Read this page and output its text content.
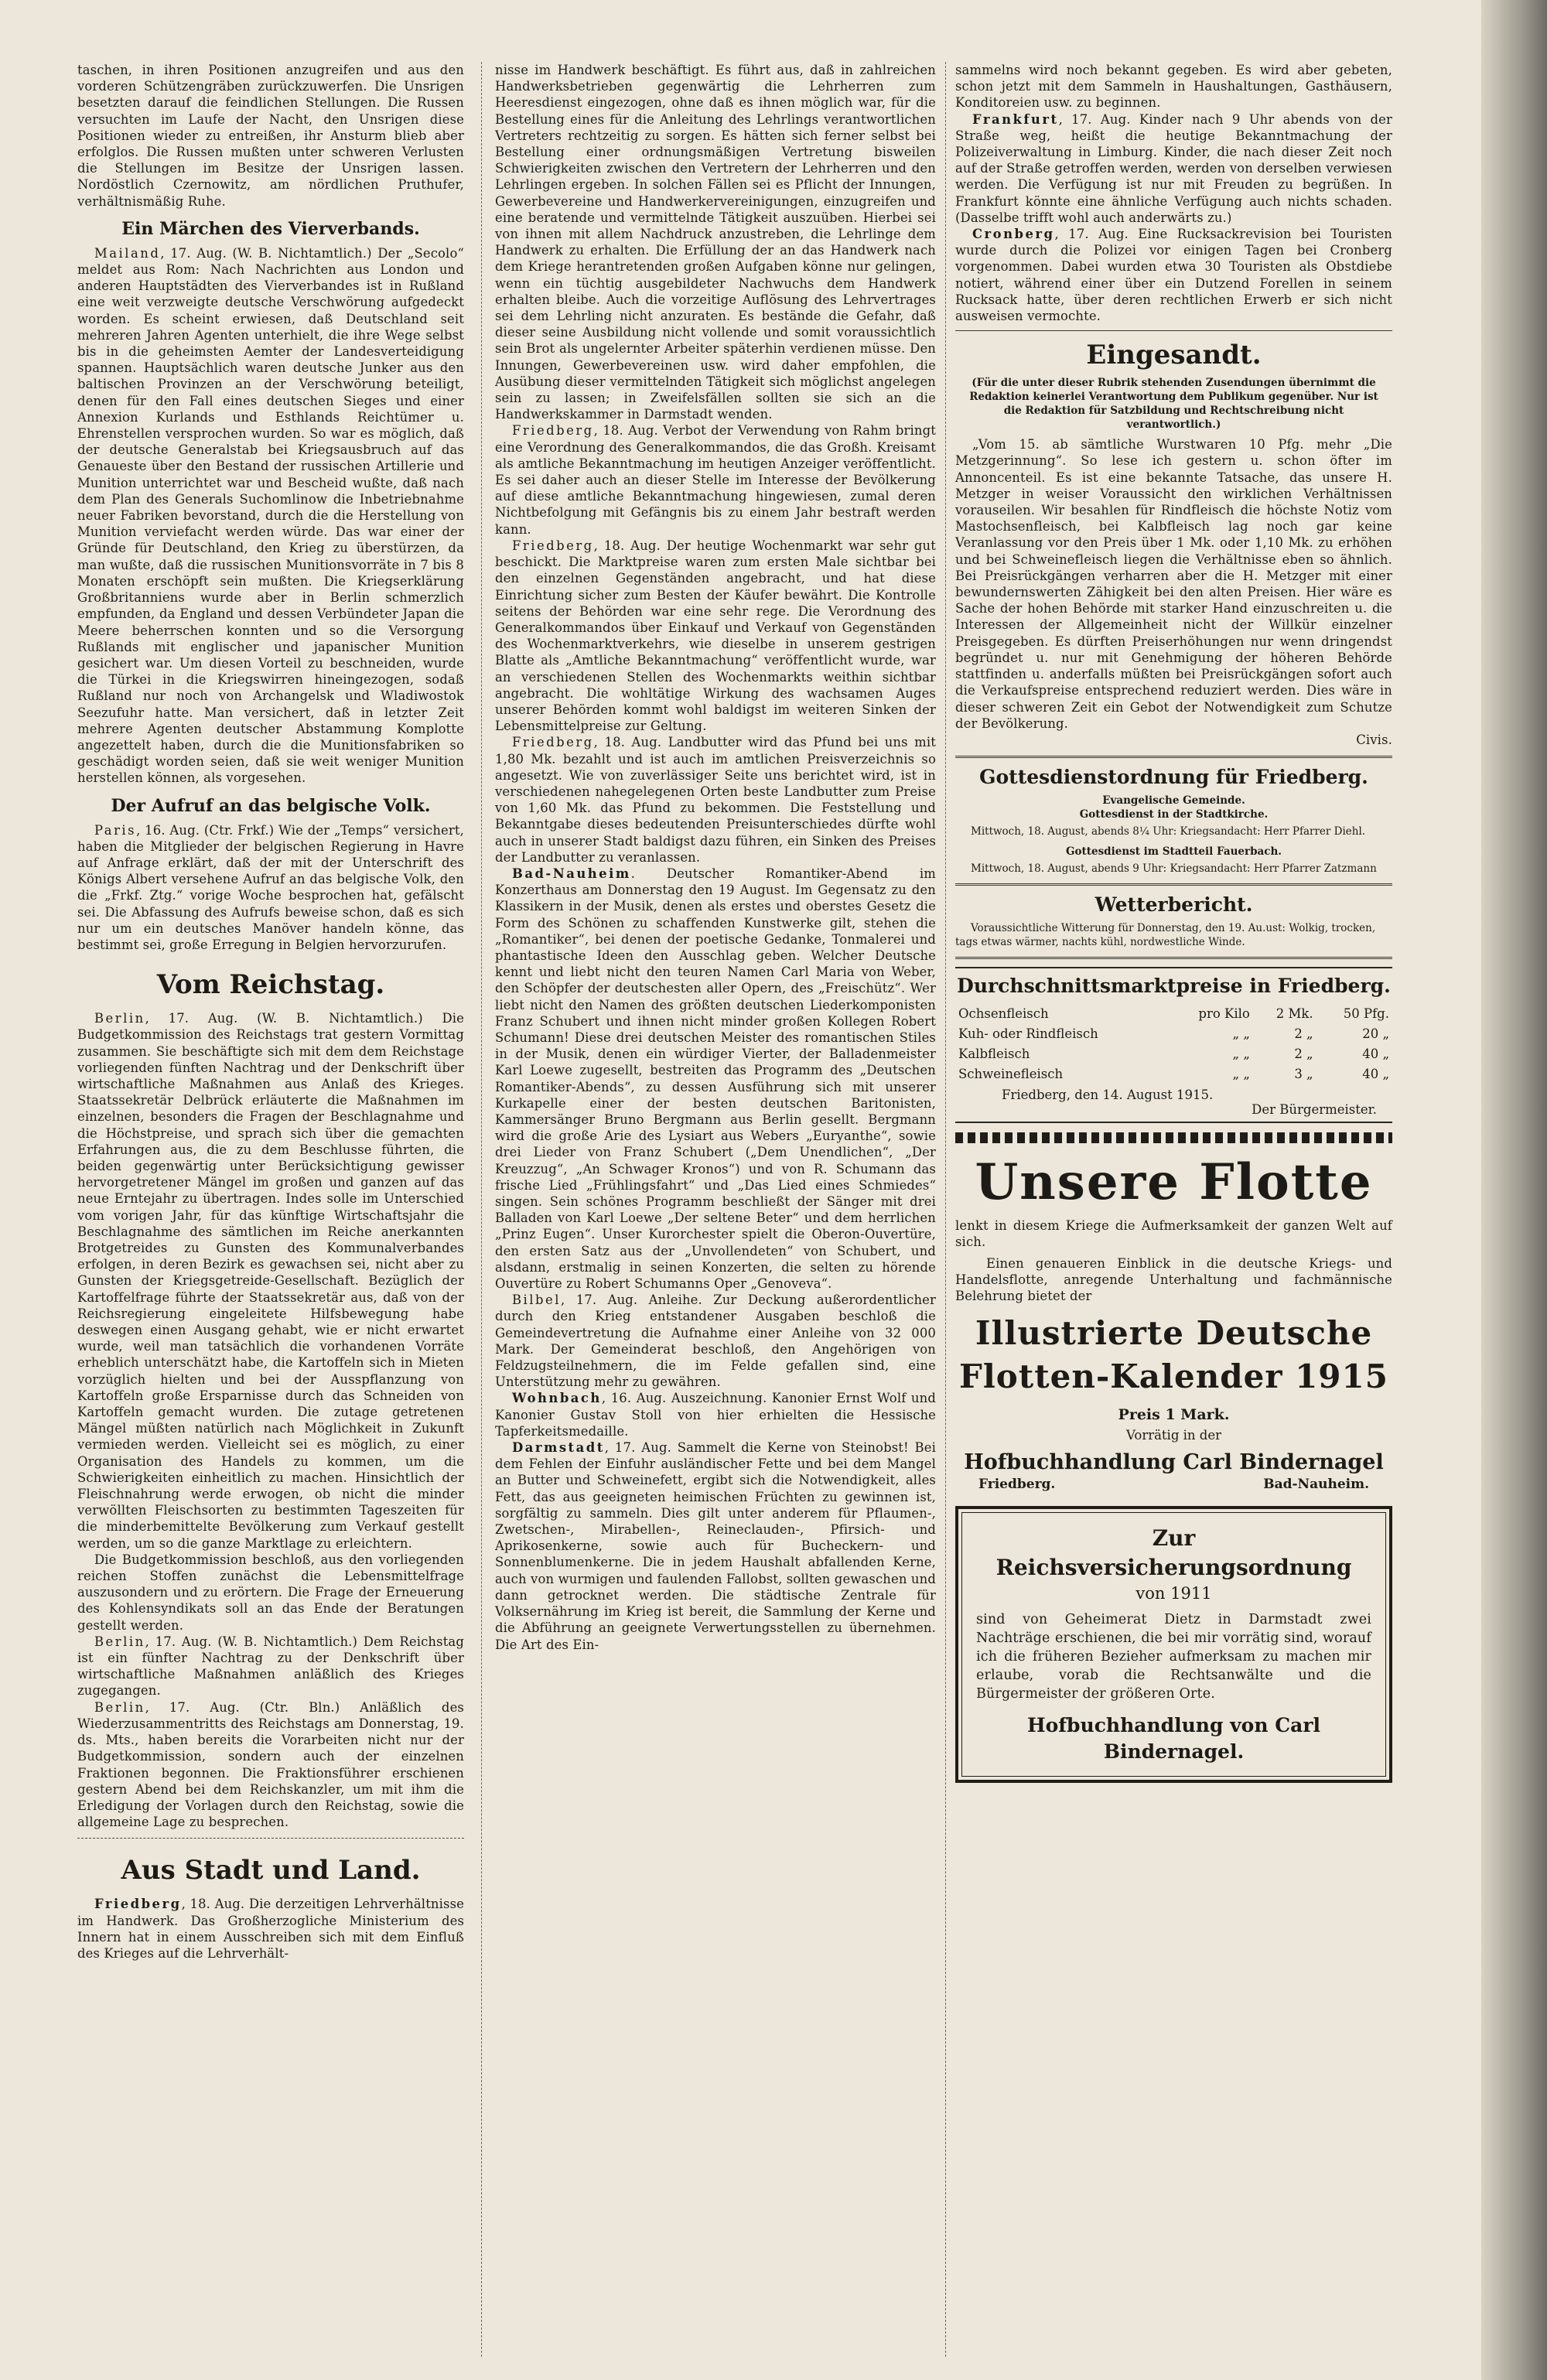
taschen, in ihren Positionen anzugreifen und aus den vorderen Schützengräben zurückzuwerfen. Die Unsrigen besetzten darauf die feindlichen Stellungen. Die Russen versuchten im Laufe der Nacht, den Unsrigen diese Positionen wieder zu entreißen, ihr Ansturm blieb aber erfolglos. Die Russen mußten unter schweren Verlusten die Stellungen im Besitze der Unsrigen lassen. Nordöstlich Czernowitz, am nördlichen Pruthufer, verhältnismäßig Ruhe.

Ein Märchen des Vierverbands.

Mailand, 17. Aug. (W. B. Nichtamtlich.) Der „Secolo“ meldet aus Rom: Nach Nachrichten aus London und anderen Hauptstädten des Vierverbandes ist in Rußland eine weit verzweigte deutsche Verschwörung aufgedeckt worden. Es scheint erwiesen, daß Deutschland seit mehreren Jahren Agenten unterhielt, die ihre Wege selbst bis in die geheimsten Aemter der Landesverteidigung spannen. Hauptsächlich waren deutsche Junker aus den baltischen Provinzen an der Verschwörung beteiligt, denen für den Fall eines deutschen Sieges und einer Annexion Kurlands und Esthlands Reichtümer u. Ehrenstellen versprochen wurden. So war es möglich, daß der deutsche Generalstab bei Kriegsausbruch auf das Genaueste über den Bestand der russischen Artillerie und Munition unterrichtet war und Bescheid wußte, daß nach dem Plan des Generals Suchomlinow die Inbetriebnahme neuer Fabriken bevorstand, durch die die Herstellung von Munition verviefacht werden würde. Das war einer der Gründe für Deutschland, den Krieg zu überstürzen, da man wußte, daß die russischen Munitionsvorräte in 7 bis 8 Monaten erschöpft sein mußten. Die Kriegserklärung Großbritanniens wurde aber in Berlin schmerzlich empfunden, da England und dessen Verbündeter Japan die Meere beherrschen konnten und so die Versorgung Rußlands mit englischer und japanischer Munition gesichert war. Um diesen Vorteil zu beschneiden, wurde die Türkei in die Kriegswirren hineingezogen, sodaß Rußland nur noch von Archangelsk und Wladiwostok Seezufuhr hatte. Man versichert, daß in letzter Zeit mehrere Agenten deutscher Abstammung Komplotte angezettelt haben, durch die die Munitionsfabriken so geschädigt worden seien, daß sie weit weniger Munition herstellen können, als vorgesehen.

Der Aufruf an das belgische Volk.

Paris, 16. Aug. (Ctr. Frkf.) Wie der „Temps“ versichert, haben die Mitglieder der belgischen Regierung in Havre auf Anfrage erklärt, daß der mit der Unterschrift des Königs Albert versehene Aufruf an das belgische Volk, den die „Frkf. Ztg.“ vorige Woche besprochen hat, gefälscht sei. Die Abfassung des Aufrufs beweise schon, daß es sich nur um ein deutsches Manöver handeln könne, das bestimmt sei, große Erregung in Belgien hervorzurufen.

Vom Reichstag.

Berlin, 17. Aug. (W. B. Nichtamtlich.) Die Budgetkommission des Reichstags trat gestern Vormittag zusammen. Sie beschäftigte sich mit dem dem Reichstage vorliegenden fünften Nachtrag und der Denkschrift über wirtschaftliche Maßnahmen aus Anlaß des Krieges. Staatssekretär Delbrück erläuterte die Maßnahmen im einzelnen, besonders die Fragen der Beschlagnahme und die Höchstpreise, und sprach sich über die gemachten Erfahrungen aus, die zu dem Beschlusse führten, die beiden gegenwärtig unter Berücksichtigung gewisser hervorgetretener Mängel im großen und ganzen auf das neue Erntejahr zu übertragen. Indes solle im Unterschied vom vorigen Jahr, für das künftige Wirtschaftsjahr die Beschlagnahme des sämtlichen im Reiche anerkannten Brotgetreides zu Gunsten des Kommunalverbandes erfolgen, in deren Bezirk es gewachsen sei, nicht aber zu Gunsten der Kriegsgetreide-Gesellschaft. Bezüglich der Kartoffelfrage führte der Staatssekretär aus, daß von der Reichsregierung eingeleitete Hilfsbewegung habe deswegen einen Ausgang gehabt, wie er nicht erwartet wurde, weil man tatsächlich die vorhandenen Vorräte erheblich unterschätzt habe, die Kartoffeln sich in Mieten vorzüglich hielten und bei der Ausspflanzung von Kartoffeln große Ersparnisse durch das Schneiden von Kartoffeln gemacht wurden. Die zutage getretenen Mängel müßten natürlich nach Möglichkeit in Zukunft vermieden werden. Vielleicht sei es möglich, zu einer Organisation des Handels zu kommen, um die Schwierigkeiten einheitlich zu machen. Hinsichtlich der Fleischnahrung werde erwogen, ob nicht die minder verwöllten Fleischsorten zu bestimmten Tageszeiten für die minderbemittelte Bevölkerung zum Verkauf gestellt werden, um so die ganze Marktlage zu erleichtern.
Die Budgetkommission beschloß, aus den vorliegenden reichen Stoffen zunächst die Lebensmittelfrage auszusondern und zu erörtern. Die Frage der Erneuerung des Kohlensyndikats soll an das Ende der Beratungen gestellt werden.

Berlin, 17. Aug. (W. B. Nichtamtlich.) Dem Reichstag ist ein fünfter Nachtrag zu der Denkschrift über wirtschaftliche Maßnahmen anläßlich des Krieges zugegangen.

Berlin, 17. Aug. (Ctr. Bln.) Anläßlich des Wiederzusammentritts des Reichstags am Donnerstag, 19. ds. Mts., haben bereits die Vorarbeiten nicht nur der Budgetkommission, sondern auch der einzelnen Fraktionen begonnen. Die Fraktionsführer erschienen gestern Abend bei dem Reichskanzler, um mit ihm die Erledigung der Vorlagen durch den Reichstag, sowie die allgemeine Lage zu besprechen.

Aus Stadt und Land.

Friedberg, 18. Aug. Die derzeitigen Lehrverhältnisse im Handwerk. Das Großherzogliche Ministerium des Innern hat in einem Ausschreiben sich mit dem Einfluß des Krieges auf die Lehrverhält-

nisse im Handwerk beschäftigt. Es führt aus, daß in zahlreichen Handwerksbetrieben gegenwärtig die Lehrherren zum Heeresdienst eingezogen, ohne daß es ihnen möglich war, für die Bestellung eines für die Anleitung des Lehrlings verantwortlichen Vertreters rechtzeitig zu sorgen. Es hätten sich ferner selbst bei Bestellung einer ordnungsmäßigen Vertretung bisweilen Schwierigkeiten zwischen den Vertretern der Lehrherren und den Lehrlingen ergeben. In solchen Fällen sei es Pflicht der Innungen, Gewerbevereine und Handwerkervereinigungen, einzugreifen und eine beratende und vermittelnde Tätigkeit auszuüben. Hierbei sei von ihnen mit allem Nachdruck anzustreben, die Lehrlinge dem Handwerk zu erhalten. Die Erfüllung der an das Handwerk nach dem Kriege herantretenden großen Aufgaben könne nur gelingen, wenn ein tüchtig ausgebildeter Nachwuchs dem Handwerk erhalten bleibe. Auch die vorzeitige Auflösung des Lehrvertrages sei dem Lehrling nicht anzuraten. Es bestände die Gefahr, daß dieser seine Ausbildung nicht vollende und somit voraussichtlich sein Brot als ungelernter Arbeiter späterhin verdienen müsse. Den Innungen, Gewerbevereinen usw. wird daher empfohlen, die Ausübung dieser vermittelnden Tätigkeit sich möglichst angelegen sein zu lassen; in Zweifelsfällen sollten sie sich an die Handwerkskammer in Darmstadt wenden.

Friedberg, 18. Aug. Verbot der Verwendung von Rahm bringt eine Verordnung des Generalkommandos, die das Großh. Kreisamt als amtliche Bekanntmachung im heutigen Anzeiger veröffentlicht. Es sei daher auch an dieser Stelle im Interesse der Bevölkerung auf diese amtliche Bekanntmachung hingewiesen, zumal deren Nichtbefolgung mit Gefängnis bis zu einem Jahr bestraft werden kann.

Friedberg, 18. Aug. Der heutige Wochenmarkt war sehr gut beschickt. Die Marktpreise waren zum ersten Male sichtbar bei den einzelnen Gegenständen angebracht, und hat diese Einrichtung sicher zum Besten der Käufer bewährt. Die Kontrolle seitens der Behörden war eine sehr rege. Die Verordnung des Generalkommandos über Einkauf und Verkauf von Gegenständen des Wochenmarktverkehrs, wie dieselbe in unserem gestrigen Blatte als „Amtliche Bekanntmachung“ veröffentlicht wurde, war an verschiedenen Stellen des Wochenmarkts weithin sichtbar angebracht. Die wohltätige Wirkung des wachsamen Auges unserer Behörden kommt wohl baldigst im weiteren Sinken der Lebensmittelpreise zur Geltung.

Friedberg, 18. Aug. Landbutter wird das Pfund bei uns mit 1,80 Mk. bezahlt und ist auch im amtlichen Preisverzeichnis so angesetzt. Wie von zuverlässiger Seite uns berichtet wird, ist in verschiedenen nahegelegenen Orten beste Landbutter zum Preise von 1,60 Mk. das Pfund zu bekommen. Die Feststellung und Bekanntgabe dieses bedeutenden Preisunterschiedes dürfte wohl auch in unserer Stadt baldigst dazu führen, ein Sinken des Preises der Landbutter zu veranlassen.

Bad-Nauheim. Deutscher Romantiker-Abend im Konzerthaus am Donnerstag den 19 August. Im Gegensatz zu den Klassikern in der Musik, denen als erstes und oberstes Gesetz die Form des Schönen zu schaffenden Kunstwerke gilt, stehen die „Romantiker“, bei denen der poetische Gedanke, Tonmalerei und phantastische Ideen den Ausschlag geben. Welcher Deutsche kennt und liebt nicht den teuren Namen Carl Maria von Weber, den Schöpfer der deutschesten aller Opern, des „Freischütz“. Wer liebt nicht den Namen des größten deutschen Liederkomponisten Franz Schubert und ihnen nicht minder großen Kollegen Robert Schumann! Diese drei deutschen Meister des romantischen Stiles in der Musik, denen ein würdiger Vierter, der Balladenmeister Karl Loewe zugesellt, bestreiten das Programm des „Deutschen Romantiker-Abends“, zu dessen Ausführung sich mit unserer Kurkapelle einer der besten deutschen Baritonisten, Kammersänger Bruno Bergmann aus Berlin gesellt. Bergmann wird die große Arie des Lysiart aus Webers „Euryanthe“, sowie drei Lieder von Franz Schubert („Dem Unendlichen“, „Der Kreuzzug“, „An Schwager Kronos“) und von R. Schumann das frische Lied „Frühlingsfahrt“ und „Das Lied eines Schmiedes“ singen. Sein schönes Programm beschließt der Sänger mit drei Balladen von Karl Loewe „Der seltene Beter“ und dem herrlichen „Prinz Eugen“. Unser Kurorchester spielt die Oberon-Ouvertüre, den ersten Satz aus der „Unvollendeten“ von Schubert, und alsdann, erstmalig in seinen Konzerten, die selten zu hörende Ouvertüre zu Robert Schumanns Oper „Genoveva“.

Bilbel, 17. Aug. Anleihe. Zur Deckung außerordentlicher durch den Krieg entstandener Ausgaben beschloß die Gemeindevertretung die Aufnahme einer Anleihe von 32 000 Mark. Der Gemeinderat beschloß, den Angehörigen von Feldzugsteilnehmern, die im Felde gefallen sind, eine Unterstützung mehr zu gewähren.

Wohnbach, 16. Aug. Auszeichnung. Kanonier Ernst Wolf und Kanonier Gustav Stoll von hier erhielten die Hessische Tapferkeitsmedaille.

Darmstadt, 17. Aug. Sammelt die Kerne von Steinobst! Bei dem Fehlen der Einfuhr ausländischer Fette und bei dem Mangel an Butter und Schweinefett, ergibt sich die Notwendigkeit, alles Fett, das aus geeigneten heimischen Früchten zu gewinnen ist, sorgfältig zu sammeln. Dies gilt unter anderem für Pflaumen-, Zwetschen-, Mirabellen-, Reineclauden-, Pfirsich- und Aprikosenkerne, sowie auch für Bucheckern- und Sonnenblumenkerne. Die in jedem Haushalt abfallenden Kerne, auch von wurmigen und faulenden Fallobst, sollten gewaschen und dann getrocknet werden. Die städtische Zentrale für Volksernährung im Krieg ist bereit, die Sammlung der Kerne und die Abführung an geeignete Verwertungsstellen zu übernehmen. Die Art des Ein-

sammelns wird noch bekannt gegeben. Es wird aber gebeten, schon jetzt mit dem Sammeln in Haushaltungen, Gasthäusern, Konditoreien usw. zu beginnen.

Frankfurt, 17. Aug. Kinder nach 9 Uhr abends von der Straße weg, heißt die heutige Bekanntmachung der Polizeiverwaltung in Limburg. Kinder, die nach dieser Zeit noch auf der Straße getroffen werden, werden von derselben verwiesen werden. Die Verfügung ist nur mit Freuden zu begrüßen. In Frankfurt könnte eine ähnliche Verfügung auch nichts schaden. (Dasselbe trifft wohl auch anderwärts zu.)

Cronberg, 17. Aug. Eine Rucksackrevision bei Touristen wurde durch die Polizei vor einigen Tagen bei Cronberg vorgenommen. Dabei wurden etwa 30 Touristen als Obstdiebe notiert, während einer über ein Dutzend Forellen in seinem Rucksack hatte, über deren rechtlichen Erwerb er sich nicht ausweisen vermochte.

Eingesandt.

(Für die unter dieser Rubrik stehenden Zusendungen übernimmt die Redaktion keinerlei Verantwortung dem Publikum gegenüber. Nur ist die Redaktion für Satzbildung und Rechtschreibung nicht verantwortlich.)

„Vom 15. ab sämtliche Wurstwaren 10 Pfg. mehr „Die Metzgerinnung“. So lese ich gestern u. schon öfter im Annoncenteil. Es ist eine bekannte Tatsache, das unsere H. Metzger in weiser Voraussicht den wirklichen Verhältnissen vorauseilen. Wir besahlen für Rindfleisch die höchste Notiz vom Mastochsenfleisch, bei Kalbfleisch lag noch gar keine Veranlassung vor den Preis über 1 Mk. oder 1,10 Mk. zu erhöhen und bei Schweinefleisch liegen die Verhältnisse eben so ähnlich. Bei Preisrückgängen verharren aber die H. Metzger mit einer bewundernswerten Zähigkeit bei den alten Preisen. Hier wäre es Sache der hohen Behörde mit starker Hand einzuschreiten u. die Interessen der Allgemeinheit nicht der Willkür einzelner Preisgegeben. Es dürften Preiserhöhungen nur wenn dringendst begründet u. nur mit Genehmigung der höheren Behörde stattfinden u. anderfalls müßten bei Preisrückgängen sofort auch die Verkaufspreise entsprechend reduziert werden. Dies wäre in dieser schweren Zeit ein Gebot der Notwendigkeit zum Schutze der Bevölkerung.
Civis.

Gottesdienstordnung für Friedberg.
Evangelische Gemeinde.
Gottesdienst in der Stadtkirche.

Mittwoch, 18. August, abends 8¼ Uhr: Kriegsandacht: Herr Pfarrer Diehl.

Gottesdienst im Stadtteil Fauerbach.

Mittwoch, 18. August, abends 9 Uhr: Kriegsandacht: Herr Pfarrer Zatzmann

Wetterbericht.

Voraussichtliche Witterung für Donnerstag, den 19. Au.ust: Wolkig, trocken, tags etwas wärmer, nachts kühl, nordwestliche Winde.

Durchschnittsmarktpreise in Friedberg.
Ochsenfleisch	pro Kilo	2 Mk.	50 Pfg.
Kuh- oder Rindfleisch	„ „	2 „	20 „
Kalbfleisch	„ „	2 „	40 „
Schweinefleisch	„ „	3 „	40 „
Friedberg, den 14. August 1915.
Der Bürgermeister.
Unsere Flotte

lenkt in diesem Kriege die Aufmerksamkeit der ganzen Welt auf sich.

Einen genaueren Einblick in die deutsche Kriegs- und Handelsflotte, anregende Unterhaltung und fachmännische Belehrung bietet der

Illustrierte Deutsche
Flotten-Kalender 1915
Preis 1 Mark.
Vorrätig in der
Hofbuchhandlung Carl Bindernagel
Friedberg.	Bad-Nauheim.
Zur Reichsversicherungsordnung
von 1911

sind von Geheimerat Dietz in Darmstadt zwei Nachträge erschienen, die bei mir vorrätig sind, worauf ich die früheren Bezieher aufmerksam zu machen mir erlaube, vorab die Rechtsanwälte und die Bürgermeister der größeren Orte.

Hofbuchhandlung von Carl Bindernagel.
